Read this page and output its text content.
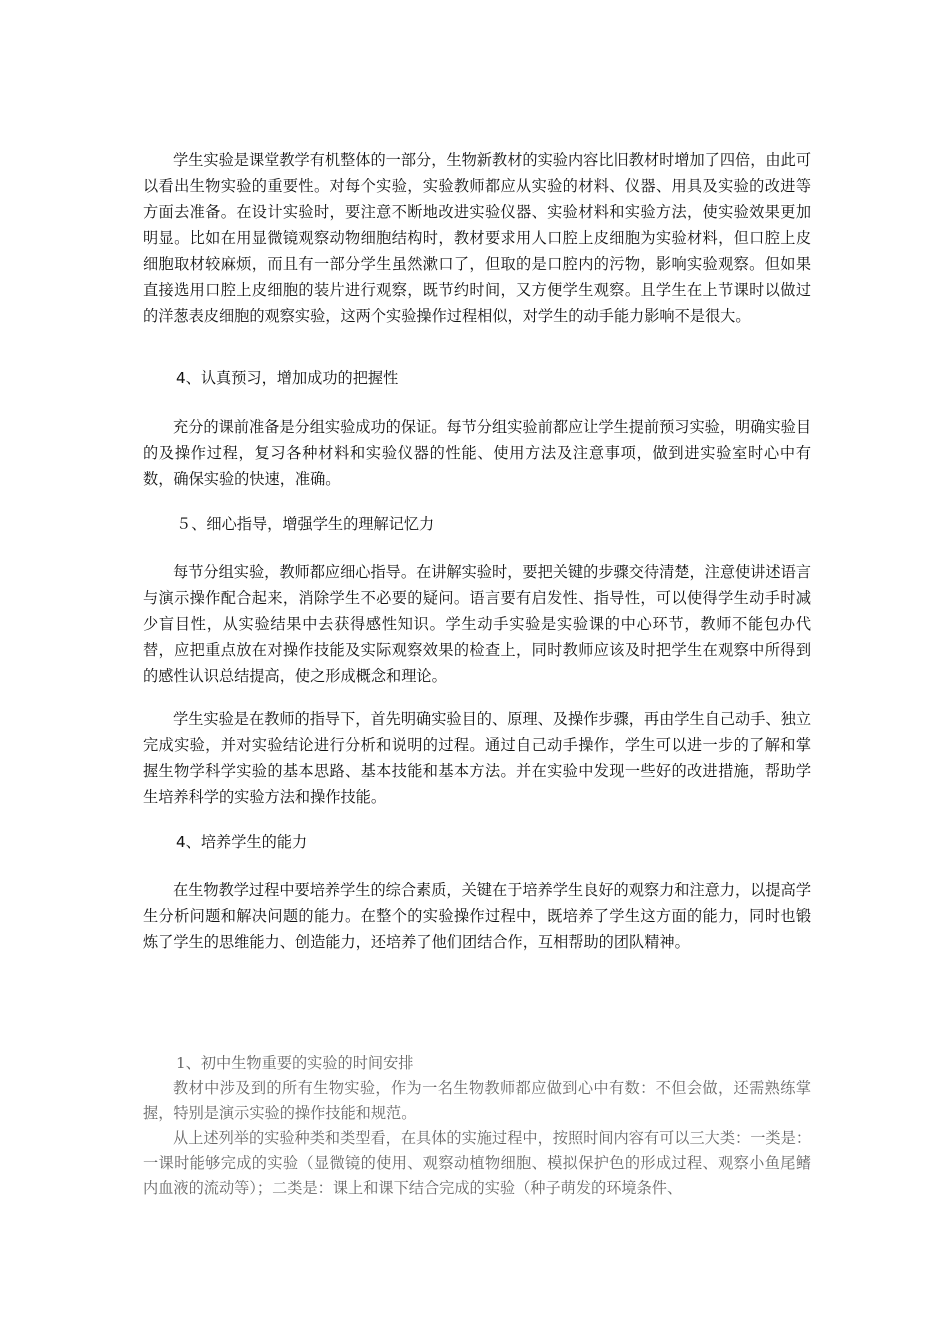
学生实验是课堂教学有机整体的一部分，生物新教材的实验内容比旧教材时增加了四倍，由此可以看出生物实验的重要性。对每个实验，实验教师都应从实验的材料、仪器、用具及实验的改进等方面去准备。在设计实验时，要注意不断地改进实验仪器、实验材料和实验方法，使实验效果更加明显。比如在用显微镜观察动物细胞结构时，教材要求用人口腔上皮细胞为实验材料，但口腔上皮细胞取材较麻烦，而且有一部分学生虽然漱口了，但取的是口腔内的污物，影响实验观察。但如果直接选用口腔上皮细胞的装片进行观察，既节约时间，又方便学生观察。且学生在上节课时以做过的洋葱表皮细胞的观察实验，这两个实验操作过程相似，对学生的动手能力影响不是很大。

4、认真预习，增加成功的把握性

充分的课前准备是分组实验成功的保证。每节分组实验前都应让学生提前预习实验，明确实验目的及操作过程，复习各种材料和实验仪器的性能、使用方法及注意事项，做到进实验室时心中有数，确保实验的快速，准确。

５、细心指导，增强学生的理解记忆力

每节分组实验，教师都应细心指导。在讲解实验时，要把关键的步骤交待清楚，注意使讲述语言与演示操作配合起来，消除学生不必要的疑问。语言要有启发性、指导性，可以使得学生动手时减少盲目性，从实验结果中去获得感性知识。学生动手实验是实验课的中心环节，教师不能包办代替，应把重点放在对操作技能及实际观察效果的检查上，同时教师应该及时把学生在观察中所得到的感性认识总结提高，使之形成概念和理论。

学生实验是在教师的指导下，首先明确实验目的、原理、及操作步骤，再由学生自己动手、独立完成实验，并对实验结论进行分析和说明的过程。通过自己动手操作，学生可以进一步的了解和掌握生物学科学实验的基本思路、基本技能和基本方法。并在实验中发现一些好的改进措施，帮助学生培养科学的实验方法和操作技能。

4、培养学生的能力

在生物教学过程中要培养学生的综合素质，关键在于培养学生良好的观察力和注意力，以提高学生分析问题和解决问题的能力。在整个的实验操作过程中，既培养了学生这方面的能力，同时也锻炼了学生的思维能力、创造能力，还培养了他们团结合作，互相帮助的团队精神。

1、初中生物重要的实验的时间安排

教材中涉及到的所有生物实验，作为一名生物教师都应做到心中有数：不但会做，还需熟练掌握，特别是演示实验的操作技能和规范。

从上述列举的实验种类和类型看，在具体的实施过程中，按照时间内容有可以三大类：一类是：一课时能够完成的实验（显微镜的使用、观察动植物细胞、模拟保护色的形成过程、观察小鱼尾鳍内血液的流动等）；二类是：课上和课下结合完成的实验（种子萌发的环境条件、
